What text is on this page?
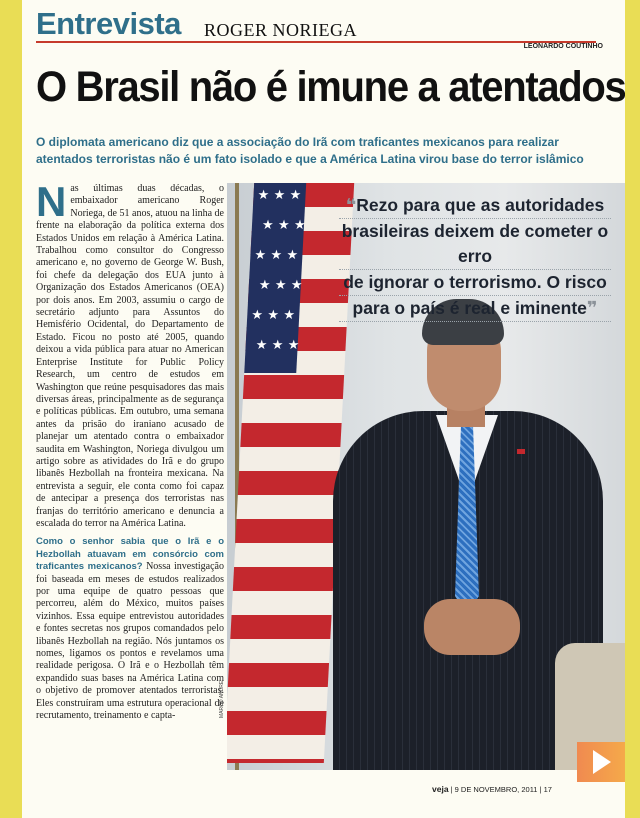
Entrevista ROGER NORIEGA
LEONARDO COUTINHO
O Brasil não é imune a atentados
O diplomata americano diz que a associação do Irã com traficantes mexicanos para realizar atentados terroristas não é um fato isolado e que a América Latina virou base do terror islâmico

Nas últimas duas décadas, o embaixador americano Roger Noriega, de 51 anos, atuou na linha de frente na elaboração da política externa dos Estados Unidos em relação à América Latina. Trabalhou como consultor do Congresso americano e, no governo de George W. Bush, foi chefe da delegação dos EUA junto à Organização dos Estados Americanos (OEA) por dois anos. Em 2003, assumiu o cargo de secretário adjunto para Assuntos do Hemisfério Ocidental, do Departamento de Estado. Ficou no posto até 2005, quando deixou a vida pública para atuar no American Enterprise Institute for Public Policy Research, um centro de estudos em Washington que reúne pesquisadores das mais diversas áreas, principalmente as de segurança e políticas públicas. Em outubro, uma semana antes da prisão do iraniano acusado de planejar um atentado contra o embaixador saudita em Washington, Noriega divulgou um artigo sobre as atividades do Irã e do grupo libanês Hezbollah na fronteira mexicana. Na entrevista a seguir, ele conta como foi capaz de antecipar a presença dos terroristas nas franjas do território americano e denuncia a escalada do terror na América Latina.

Como o senhor sabia que o Irã e o Hezbollah atuavam em consórcio com traficantes mexicanos? Nossa investigação foi baseada em meses de estudos realizados por uma equipe de quatro pessoas que percorreu, além do México, muitos países vizinhos. Essa equipe entrevistou autoridades e fontes secretas nos grupos comandados pelo libanês Hezbollah na região. Nós juntamos os nomes, ligamos os pontos e revelamos uma realidade perigosa. O Irã e o Hezbollah têm expandido suas bases na América Latina com o objetivo de promover atentados terroristas. Eles construíram uma estrutura operacional de recrutamento, treinamento e capta-

★ ★ ★
★ ★ ★
★ ★ ★
★ ★ ★
★ ★ ★
★ ★ ★
❝Rezo para que as autoridades
brasileiras deixem de cometer o erro
de ignorar o terrorismo. O risco
para o país é real e iminente❞
MARCO ANDRE
veja | 9 DE NOVEMBRO, 2011 | 17
